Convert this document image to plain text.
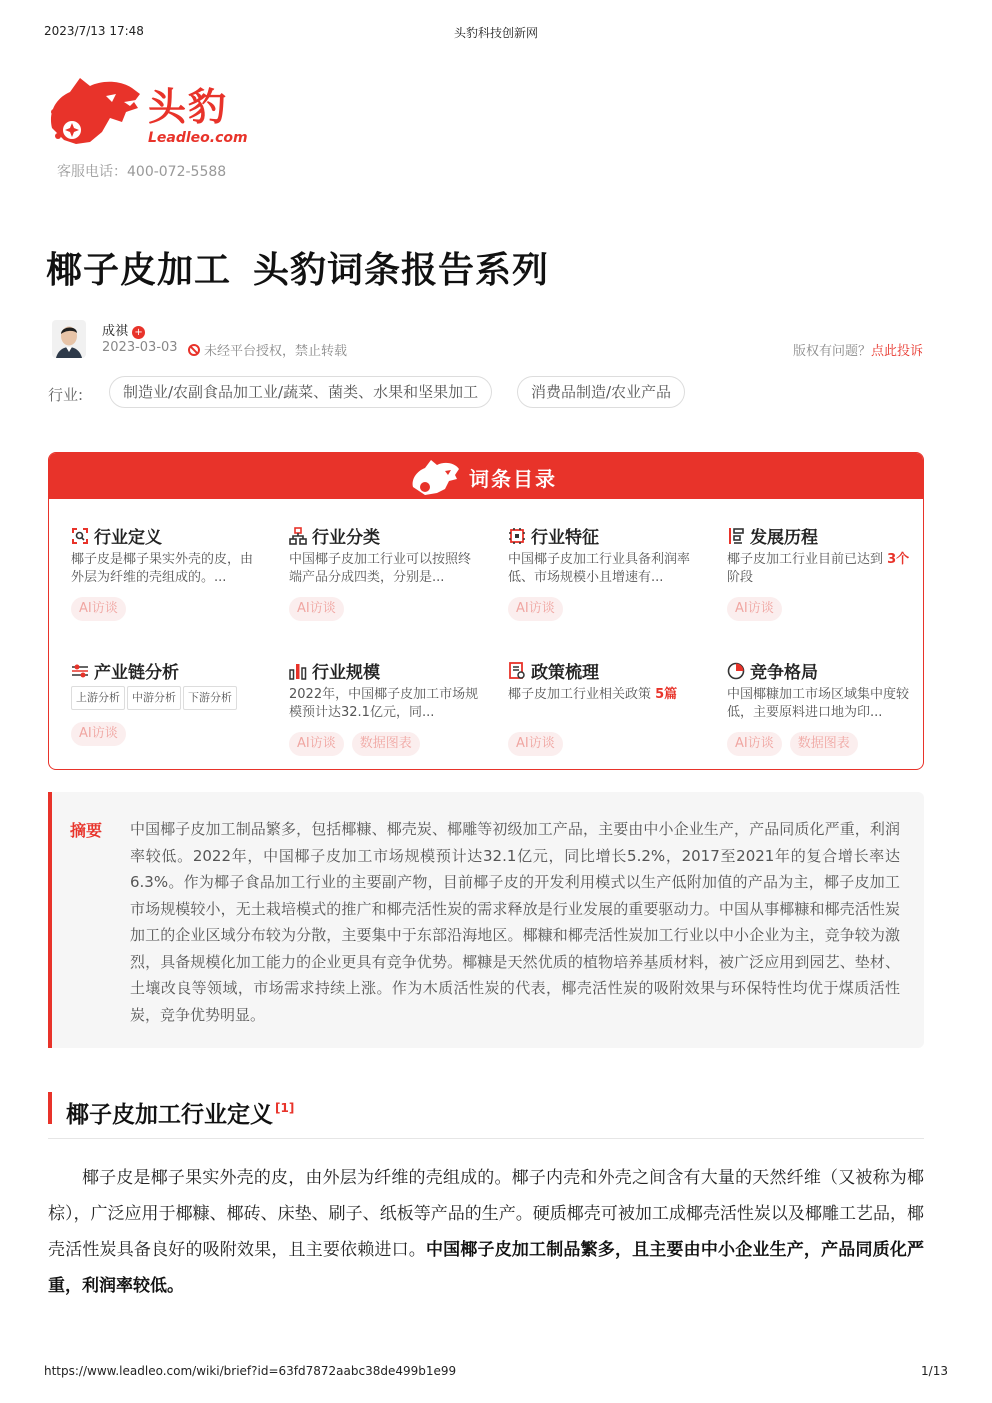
2023/7/13 17:48	头豹科技创新网
头豹
Leadleo.com
客服电话：400-072-5588
椰子皮加工 头豹词条报告系列
成祺 +
2023-03-03	未经平台授权，禁止转载	版权有问题？点此投诉
行业:	制造业/农副食品加工业/蔬菜、菌类、水果和坚果加工	消费品制造/农业产品
词条目录
行业定义
椰子皮是椰子果实外壳的皮，由外层为纤维的壳组成的。...
AI访谈
行业分类
中国椰子皮加工行业可以按照终端产品分成四类，分别是...
AI访谈
行业特征
中国椰子皮加工行业具备利润率低、市场规模小且增速有...
AI访谈
发展历程
椰子皮加工行业目前已达到 3个阶段
AI访谈
产业链分析
上游分析 中游分析 下游分析
AI访谈
行业规模
2022年，中国椰子皮加工市场规模预计达32.1亿元，同...
AI访谈 数据图表
政策梳理
椰子皮加工行业相关政策 5篇
AI访谈
竞争格局
中国椰糠加工市场区域集中度较低，主要原料进口地为印...
AI访谈 数据图表
摘要 中国椰子皮加工制品繁多，包括椰糠、椰壳炭、椰雕等初级加工产品，主要由中小企业生产，产品同质化严重，利润率较低。2022年，中国椰子皮加工市场规模预计达32.1亿元，同比增长5.2%，2017至2021年的复合增长率达6.3%。作为椰子食品加工行业的主要副产物，目前椰子皮的开发利用模式以生产低附加值的产品为主，椰子皮加工市场规模较小，无土栽培模式的推广和椰壳活性炭的需求释放是行业发展的重要驱动力。中国从事椰糠和椰壳活性炭加工的企业区域分布较为分散，主要集中于东部沿海地区。椰糠和椰壳活性炭加工行业以中小企业为主，竞争较为激烈，具备规模化加工能力的企业更具有竞争优势。椰糠是天然优质的植物培养基质材料，被广泛应用到园艺、垫材、土壤改良等领域，市场需求持续上涨。作为木质活性炭的代表，椰壳活性炭的吸附效果与环保特性均优于煤质活性炭，竞争优势明显。
椰子皮加工行业定义 [1]

椰子皮是椰子果实外壳的皮，由外层为纤维的壳组成的。椰子内壳和外壳之间含有大量的天然纤维（又被称为椰棕），广泛应用于椰糠、椰砖、床垫、刷子、纸板等产品的生产。硬质椰壳可被加工成椰壳活性炭以及椰雕工艺品，椰壳活性炭具备良好的吸附效果，且主要依赖进口。中国椰子皮加工制品繁多，且主要由中小企业生产，产品同质化严重，利润率较低。

https://www.leadleo.com/wiki/brief?id=63fd7872aabc38de499b1e99	1/13
